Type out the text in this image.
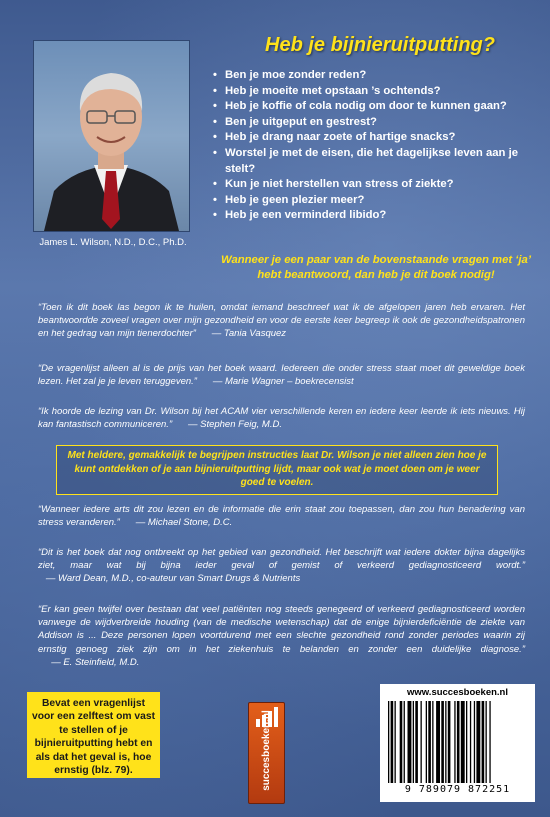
James L. Wilson, N.D., D.C., Ph.D.
Heb je bijnieruitputting?
• Ben je moe zonder reden?
• Heb je moeite met opstaan ’s ochtends?
• Heb je koffie of cola nodig om door te kunnen gaan?
• Ben je uitgeput en gestrest?
• Heb je drang naar zoete of hartige snacks?
• Worstel je met de eisen, die het dagelijkse leven aan je stelt?
• Kun je niet herstellen van stress of ziekte?
• Heb je geen plezier meer?
• Heb je een verminderd libido?
Wanneer je een paar van de bovenstaande vragen met ‘ja’ hebt beantwoord, dan heb je dit boek nodig!
“Toen ik dit boek las begon ik te huilen, omdat iemand beschreef wat ik de afgelopen jaren heb ervaren. Het beantwoordde zoveel vragen over mijn gezondheid en voor de eerste keer begreep ik ook de gezondheidspatronen en het gedrag van mijn tienerdochter” — Tania Vasquez
“De vragenlijst alleen al is de prijs van het boek waard. Iedereen die onder stress staat moet dit geweldige boek lezen. Het zal je je leven teruggeven.” — Marie Wagner – boekrecensist
“Ik hoorde de lezing van Dr. Wilson bij het ACAM vier verschillende keren en iedere keer leerde ik iets nieuws. Hij kan fantastisch communiceren.” — Stephen Feig, M.D.
Met heldere, gemakkelijk te begrijpen instructies laat Dr. Wilson je niet alleen zien hoe je kunt ontdekken of je aan bijnieruitputting lijdt, maar ook wat je moet doen om je weer goed te voelen.
“Wanneer iedere arts dit zou lezen en de informatie die erin staat zou toepassen, dan zou hun benadering van stress veranderen.” — Michael Stone, D.C.
“Dit is het boek dat nog ontbreekt op het gebied van gezondheid. Het beschrijft wat iedere dokter bijna dagelijks ziet, maar wat bij bijna ieder geval of gemist of verkeerd gediagnosticeerd wordt.”    — Ward Dean, M.D., co-auteur van Smart Drugs & Nutrients
“Er kan geen twijfel over bestaan dat veel patiënten nog steeds genegeerd of verkeerd gediagnosticeerd worden vanwege de wijdverbreide houding (van de medische wetenschap) dat de enige bijnierdeficiëntie de ziekte van Addison is ... Deze personen lopen voortdurend met een slechte gezondheid rond zonder periodes waarin zij ernstig genoeg ziek zijn om in het ziekenhuis te belanden en zonder een duidelijke diagnose.”      — E. Steinfield, M.D.
Bevat een vragenlijst voor een zelftest om vast te stellen of je bijnieruitputting hebt en als dat het geval is, hoe ernstig (blz. 79).	succesboeken.nl
www.succesboeken.nl
9 789079 872251
